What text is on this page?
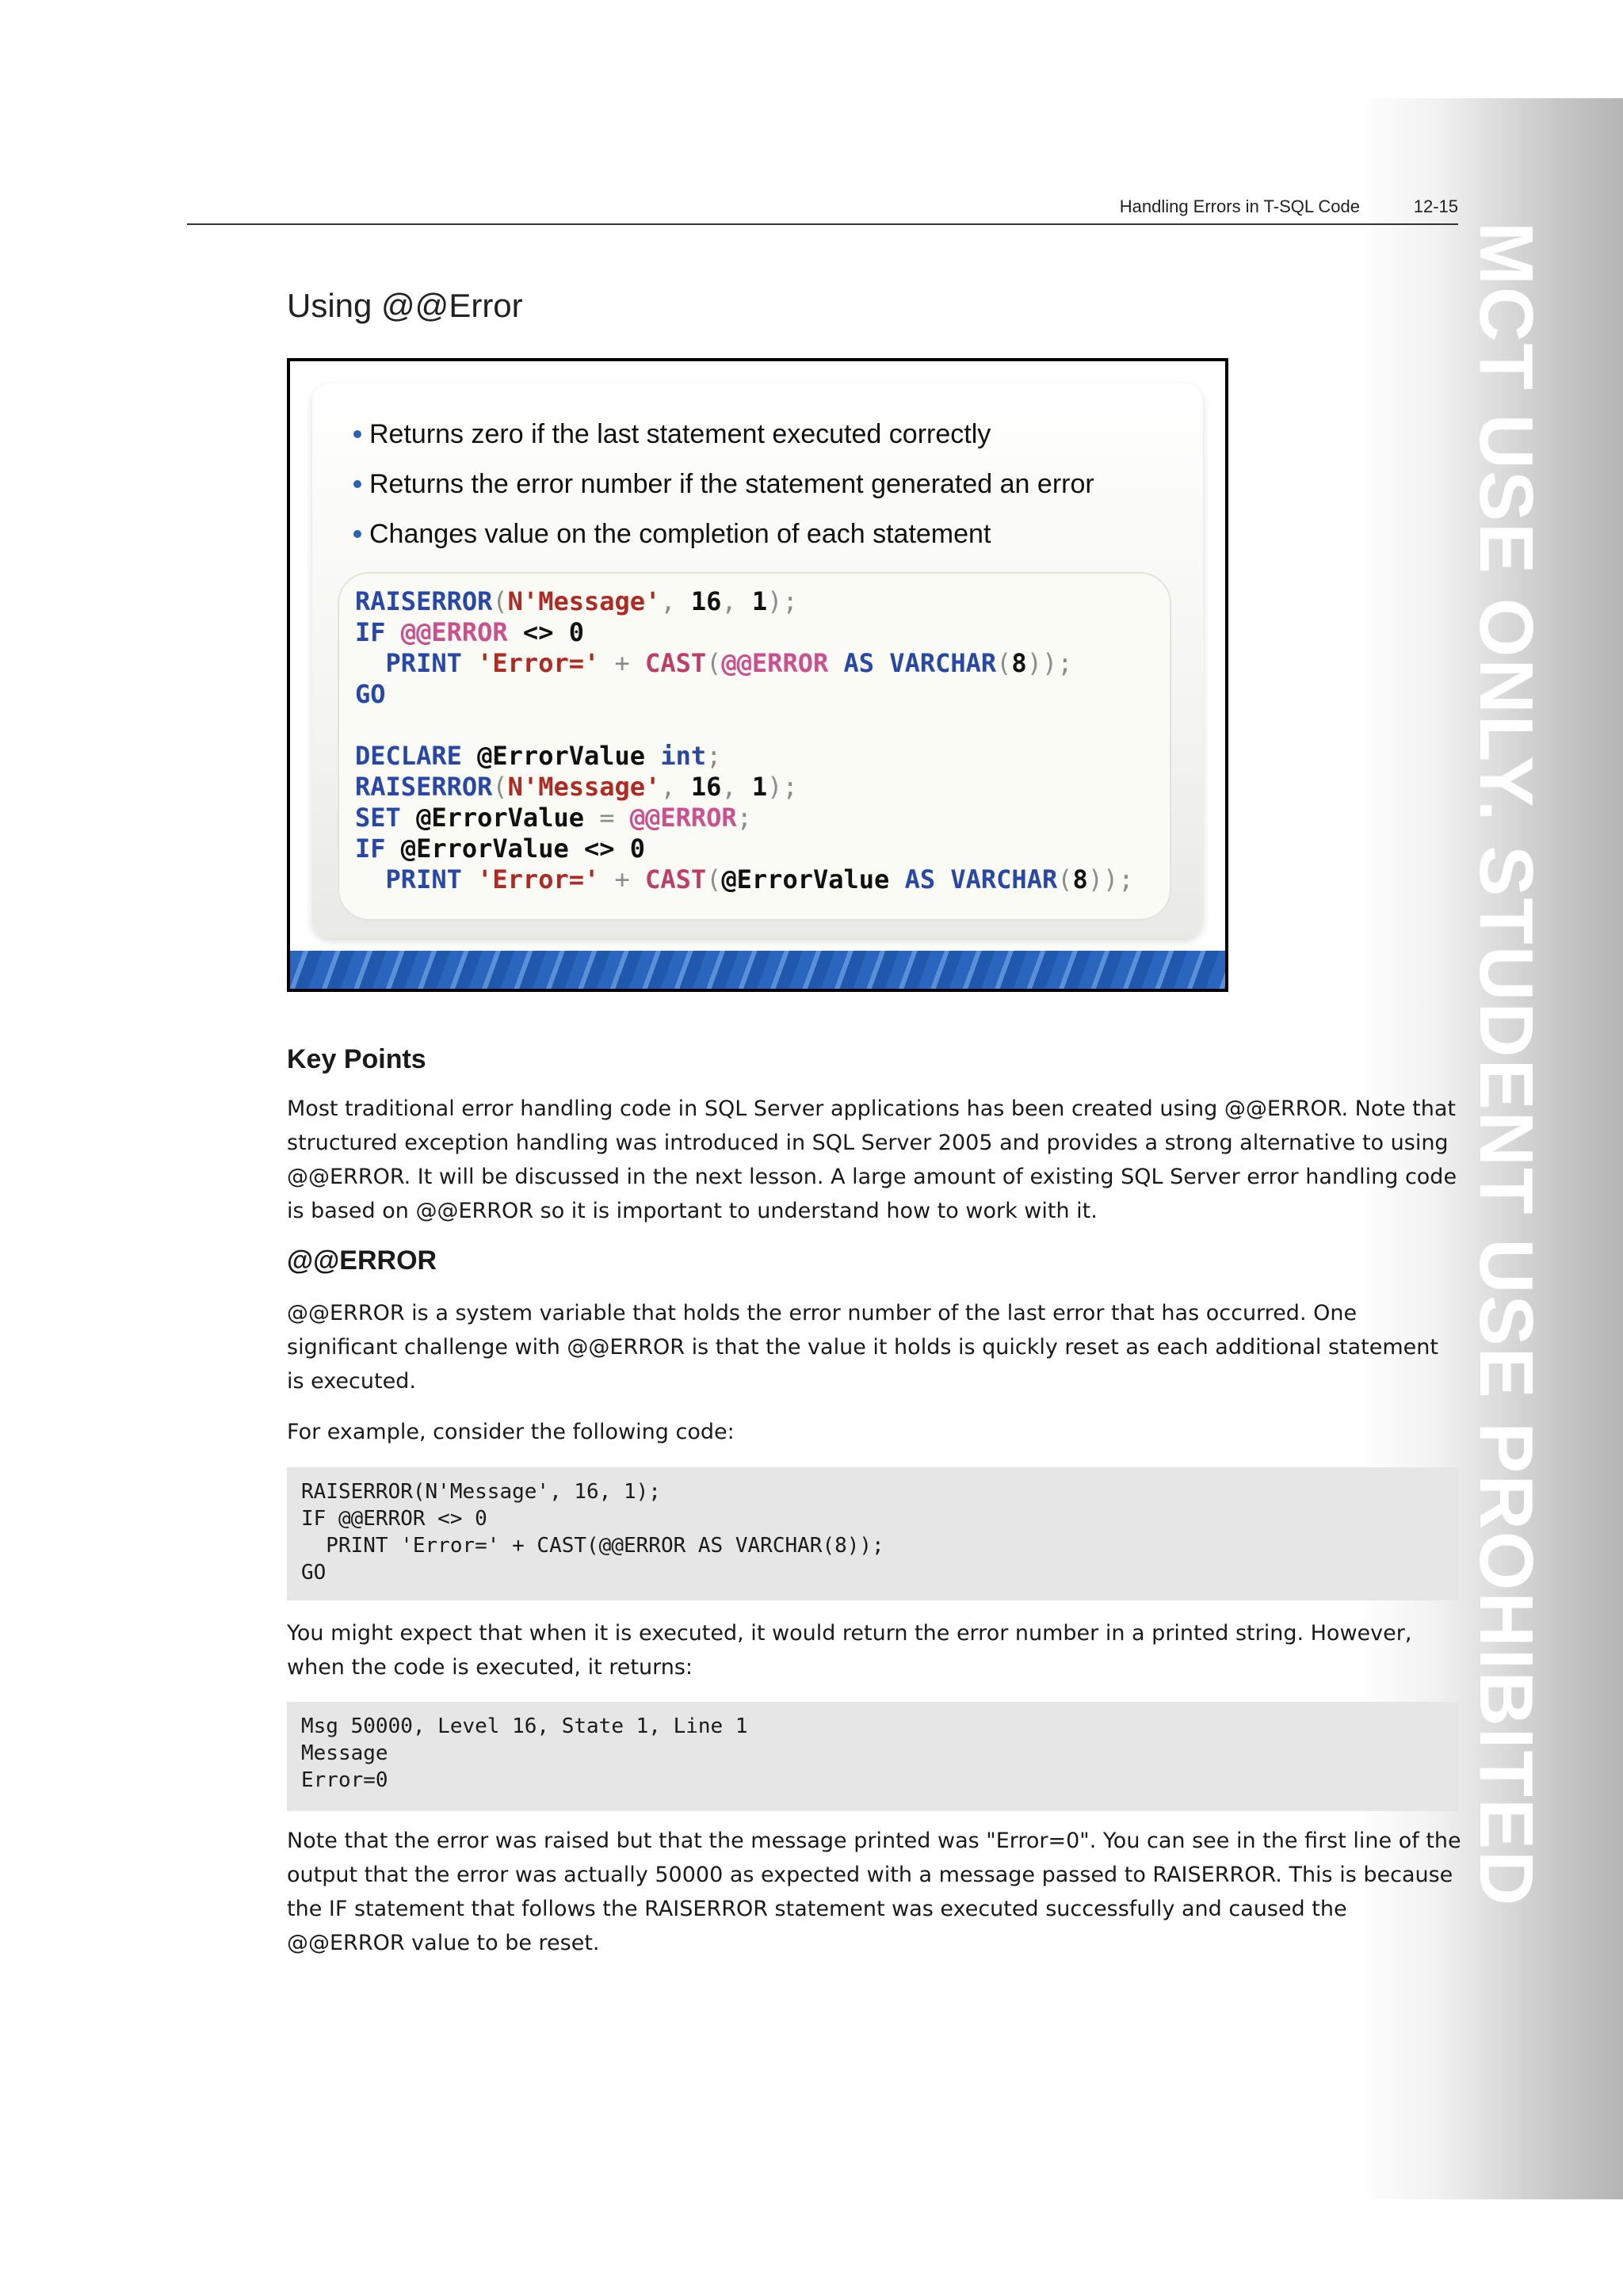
MCT USE ONLY. STUDENT USE PROHIBITED
Handling Errors in T-SQL Code	12-15
Using @@Error
Returns zero if the last statement executed correctly
Returns the error number if the statement generated an error
Changes value on the completion of each statement
RAISERROR(N'Message', 16, 1);
IF @@ERROR <> 0
PRINT 'Error=' + CAST(@@ERROR AS VARCHAR(8));
GO

DECLARE @ErrorValue int;
RAISERROR(N'Message', 16, 1);
SET @ErrorValue = @@ERROR;
IF @ErrorValue <> 0
PRINT 'Error=' + CAST(@ErrorValue AS VARCHAR(8));
Key Points

Most traditional error handling code in SQL Server applications has been created using @@ERROR. Note that structured exception handling was introduced in SQL Server 2005 and provides a strong alternative to using @@ERROR. It will be discussed in the next lesson. A large amount of existing SQL Server error handling code is based on @@ERROR so it is important to understand how to work with it.

@@ERROR

@@ERROR is a system variable that holds the error number of the last error that has occurred. One significant challenge with @@ERROR is that the value it holds is quickly reset as each additional statement is executed.

For example, consider the following code:

RAISERROR(N'Message', 16, 1);
IF @@ERROR <> 0
PRINT 'Error=' + CAST(@@ERROR AS VARCHAR(8));
GO

You might expect that when it is executed, it would return the error number in a printed string. However, when the code is executed, it returns:

Msg 50000, Level 16, State 1, Line 1
Message
Error=0

Note that the error was raised but that the message printed was "Error=0". You can see in the first line of the output that the error was actually 50000 as expected with a message passed to RAISERROR. This is because the IF statement that follows the RAISERROR statement was executed successfully and caused the @@ERROR value to be reset.
